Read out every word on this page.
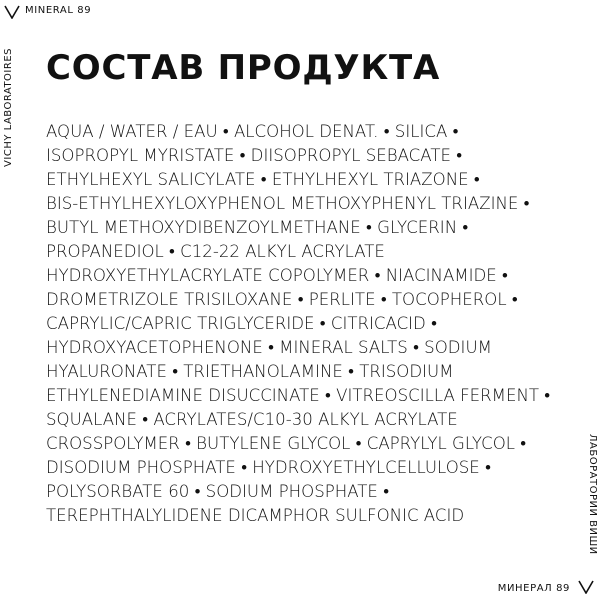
MINERAL 89
VICHY LABORATOIRES
ЛАБОРАТОРИИ ВИШИ
СОСТАВ ПРОДУКТА
AQUA / WATER / EAU • ALCOHOL DENAT. • SILICA •
ISOPROPYL MYRISTATE • DIISOPROPYL SEBACATE •
ETHYLHEXYL SALICYLATE • ETHYLHEXYL TRIAZONE •
BIS-ETHYLHEXYLOXYPHENOL METHOXYPHENYL TRIAZINE •
BUTYL METHOXYDIBENZOYLMETHANE • GLYCERIN •
PROPANEDIOL • C12-22 ALKYL ACRYLATE
HYDROXYETHYLACRYLATE COPOLYMER • NIACINAMIDE •
DROMETRIZOLE TRISILOXANE • PERLITE • TOCOPHEROL •
CAPRYLIC/CAPRIC TRIGLYCERIDE • CITRICACID •
HYDROXYACETOPHENONE • MINERAL SALTS • SODIUM
HYALURONATE • TRIETHANOLAMINE • TRISODIUM
ETHYLENEDIAMINE DISUCCINATE • VITREOSCILLA FERMENT •
SQUALANE • ACRYLATES/C10-30 ALKYL ACRYLATE
CROSSPOLYMER • BUTYLENE GLYCOL • CAPRYLYL GLYCOL •
DISODIUM PHOSPHATE • HYDROXYETHYLCELLULOSE •
POLYSORBATE 60 • SODIUM PHOSPHATE •
TEREPHTHALYLIDENE DICAMPHOR SULFONIC ACID
МИНЕРАЛ 89
